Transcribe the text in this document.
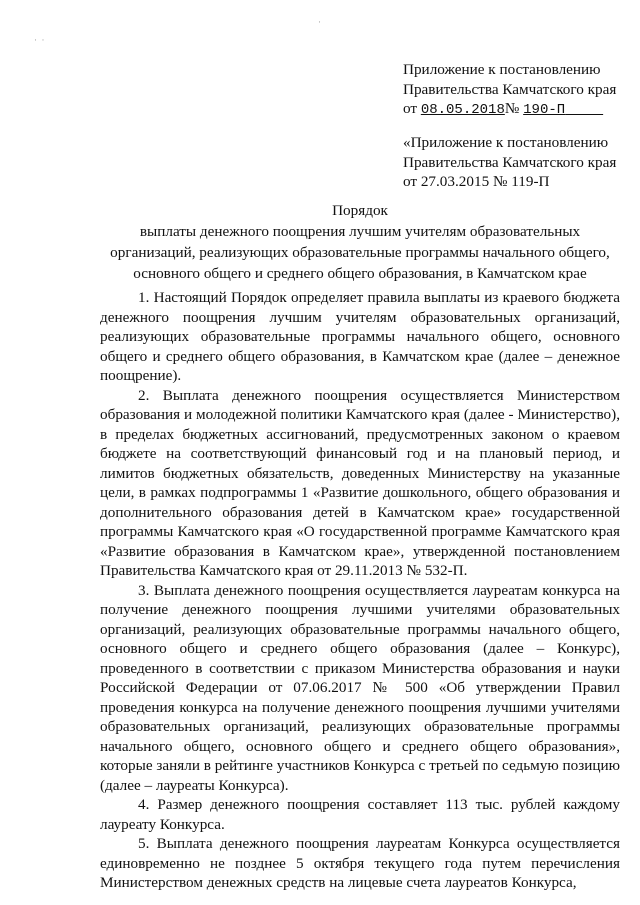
·  ·
·
Приложение к постановлению
Правительства Камчатского края
от 08.05.2018№ 190-П
«Приложение к постановлению
Правительства Камчатского края
от 27.03.2015 № 119-П
Порядок
выплаты денежного поощрения лучшим учителям образовательных
организаций, реализующих образовательные программы начального общего,
основного общего и среднего общего образования, в Камчатском крае

1. Настоящий Порядок определяет правила выплаты из краевого бюджета денежного поощрения лучшим учителям образовательных организаций, реализующих образовательные программы начального общего, основного общего и среднего общего образования, в Камчатском крае (далее – денежное поощрение).

2. Выплата денежного поощрения осуществляется Министерством образования и молодежной политики Камчатского края (далее - Министерство), в пределах бюджетных ассигнований, предусмотренных законом о краевом бюджете на соответствующий финансовый год и на плановый период, и лимитов бюджетных обязательств, доведенных Министерству на указанные цели, в рамках подпрограммы 1 «Развитие дошкольного, общего образования и дополнительного образования детей в Камчатском крае» государственной программы Камчатского края «О государственной программе Камчатского края «Развитие образования в Камчатском крае», утвержденной постановлением Правительства Камчатского края от 29.11.2013 № 532-П.

3. Выплата денежного поощрения осуществляется лауреатам конкурса на получение денежного поощрения лучшими учителями образовательных организаций, реализующих образовательные программы начального общего, основного общего и среднего общего образования (далее – Конкурс), проведенного в соответствии с приказом Министерства образования и науки Российской Федерации от 07.06.2017 № 500 «Об утверждении Правил проведения конкурса на получение денежного поощрения лучшими учителями образовательных организаций, реализующих образовательные программы начального общего, основного общего и среднего общего образования», которые заняли в рейтинге участников Конкурса с третьей по седьмую позицию (далее – лауреаты Конкурса).

4. Размер денежного поощрения составляет 113 тыс. рублей каждому лауреату Конкурса.

5. Выплата денежного поощрения лауреатам Конкурса осуществляется единовременно не позднее 5 октября текущего года путем перечисления Министерством денежных средств на лицевые счета лауреатов Конкурса,
